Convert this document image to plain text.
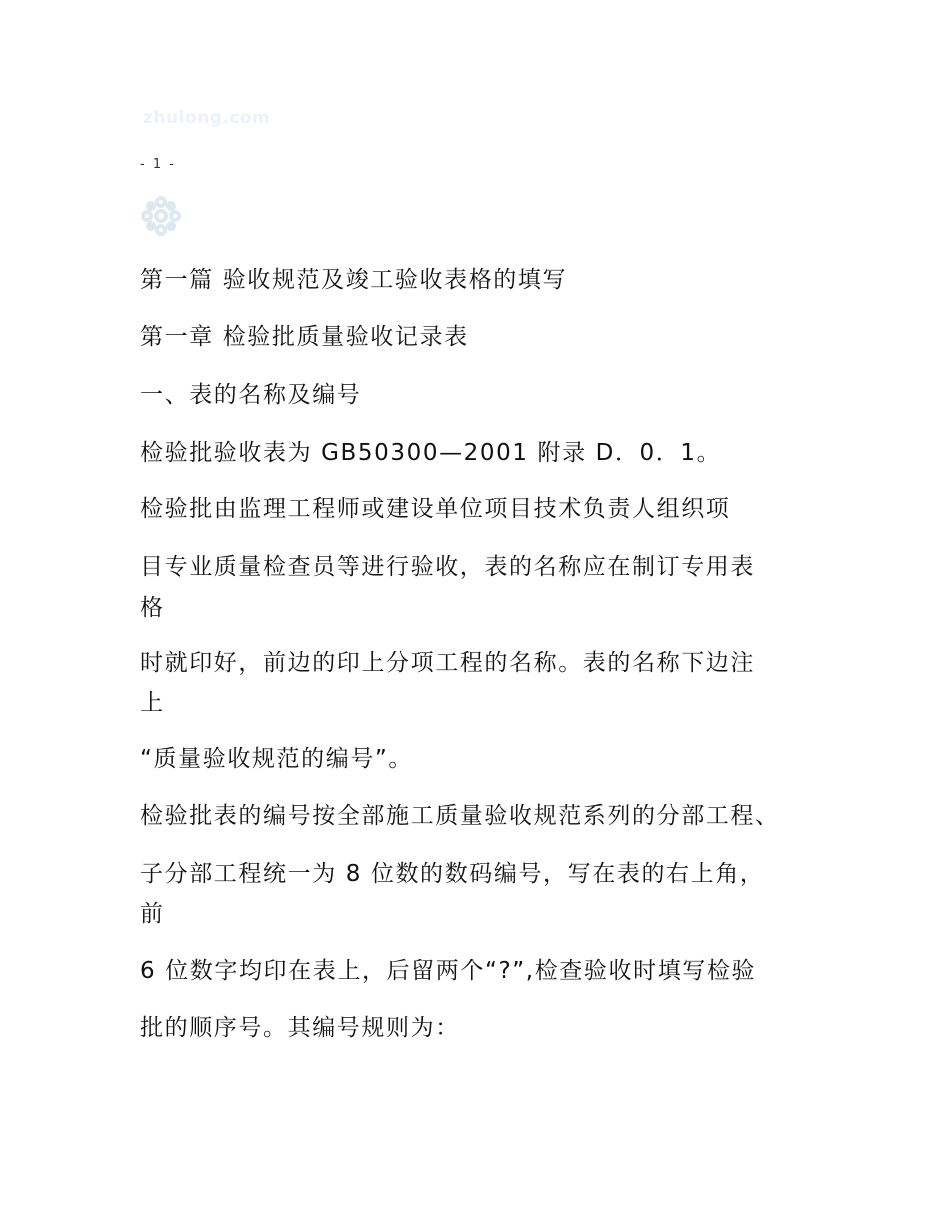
zhulong.com
- 1 -
第一篇 验收规范及竣工验收表格的填写
第一章 检验批质量验收记录表
一、表的名称及编号
检验批验收表为 GB50300—2001 附录 D．0．1。
检验批由监理工程师或建设单位项目技术负责人组织项
目专业质量检查员等进行验收，表的名称应在制订专用表
格
时就印好，前边的印上分项工程的名称。表的名称下边注
上
“质量验收规范的编号”。
检验批表的编号按全部施工质量验收规范系列的分部工程、
子分部工程统一为 8 位数的数码编号，写在表的右上角，
前
6 位数字均印在表上，后留两个“?”,检查验收时填写检验
批的顺序号。其编号规则为：
